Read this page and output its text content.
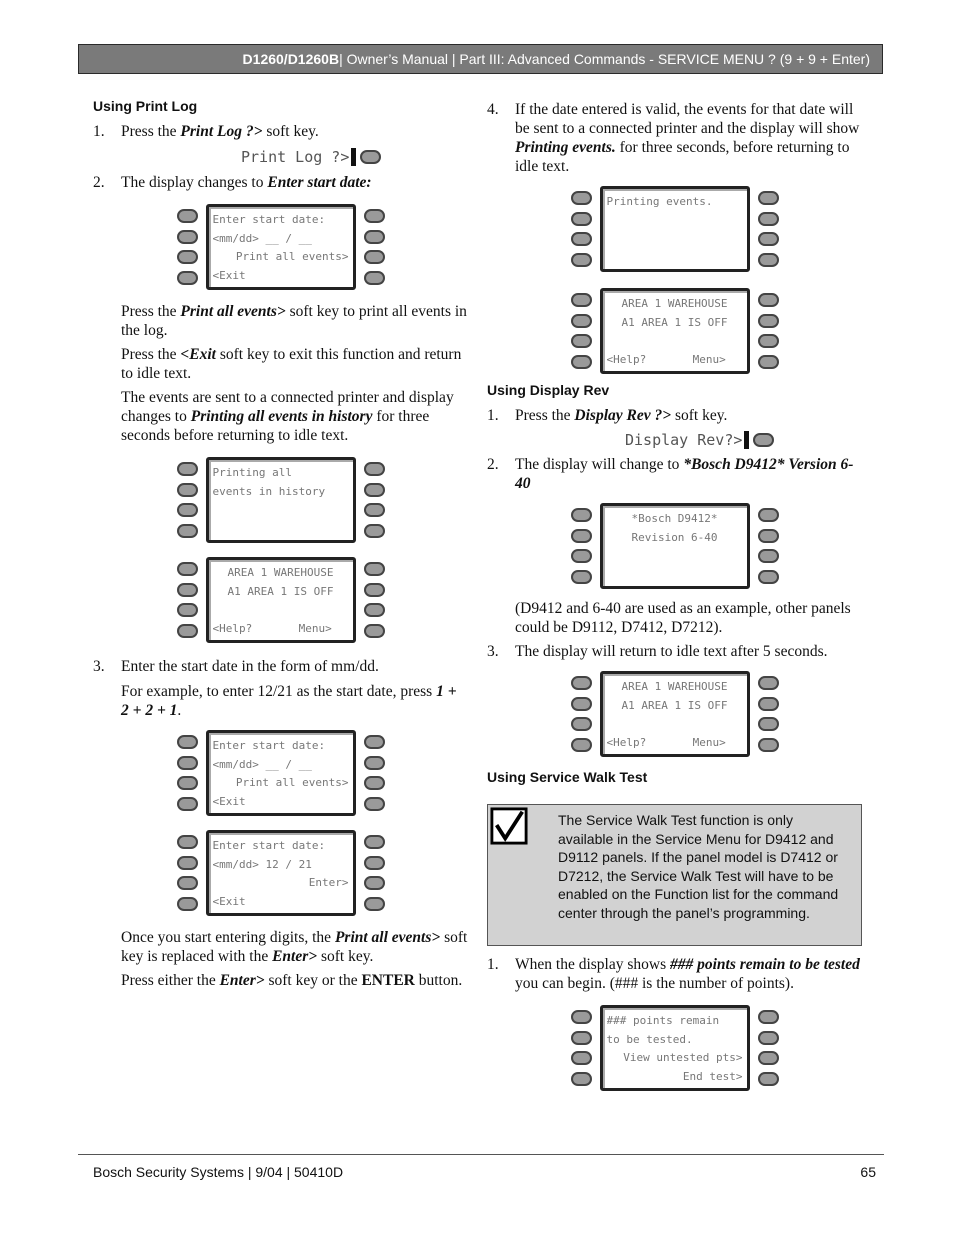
D1260/D1260B | Owner’s Manual | Part III: Advanced Commands - SERVICE MENU ? (9 + 9 + Enter)
Using Print Log

1. Press the Print Log ?> soft key.

Print Log ?>

2. The display changes to Enter start date:

Enter start date:
<mm/dd> __ / __
Print all events>
<Exit

Press the Print all events> soft key to print all events in the log.

Press the <Exit soft key to exit this function and return to idle text.

The events are sent to a connected printer and display changes to Printing all events in history for three seconds before returning to idle text.

Printing all
events in history
AREA 1 WAREHOUSE
A1 AREA 1 IS OFF
<Help?       Menu>

3. Enter the start date in the form of mm/dd.

For example, to enter 12/21 as the start date, press 1 + 2 + 2 + 1.

Enter start date:
<mm/dd> __ / __
Print all events>
<Exit
Enter start date:
<mm/dd> 12 / 21
Enter>
<Exit

Once you start entering digits, the Print all events> soft key is replaced with the Enter> soft key.

Press either the Enter> soft key or the ENTER button.

4. If the date entered is valid, the events for that date will be sent to a connected printer and the display will show Printing events. for three seconds, before returning to idle text.

Printing events.
AREA 1 WAREHOUSE
A1 AREA 1 IS OFF
<Help?       Menu>
Using Display Rev

1. Press the Display Rev ?> soft key.

Display Rev?>

2. The display will change to *Bosch D9412* Version 6-40

*Bosch D9412*
Revision 6-40

(D9412 and 6-40 are used as an example, other panels could be D9112, D7412, D7212).

3. The display will return to idle text after 5 seconds.

AREA 1 WAREHOUSE
A1 AREA 1 IS OFF
<Help?       Menu>
Using Service Walk Test
The Service Walk Test function is only available in the Service Menu for D9412 and D9112 panels. If the panel model is D7412 or D7212, the Service Walk Test will have to be enabled on the Function list for the command center through the panel’s programming.

1. When the display shows ### points remain to be tested you can begin. (### is the number of points).

### points remain
to be tested.
View untested pts>
End test>
Bosch Security Systems | 9/04 | 50410D	65
